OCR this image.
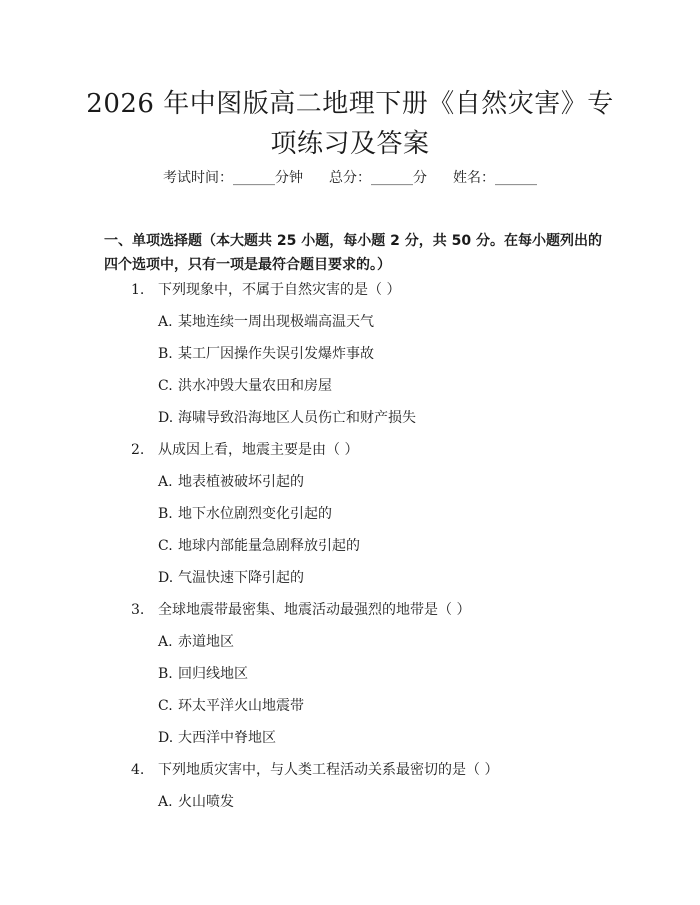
2026 年中图版高二地理下册《自然灾害》专
项练习及答案
考试时间：______分钟 总分：______分 姓名：______
一、单项选择题（本大题共 25 小题，每小题 2 分，共 50 分。在每小题列出的四个选项中，只有一项是最符合题目要求的。）
1. 下列现象中，不属于自然灾害的是（ ）
A. 某地连续一周出现极端高温天气
B. 某工厂因操作失误引发爆炸事故
C. 洪水冲毁大量农田和房屋
D. 海啸导致沿海地区人员伤亡和财产损失
2. 从成因上看，地震主要是由（ ）
A. 地表植被破坏引起的
B. 地下水位剧烈变化引起的
C. 地球内部能量急剧释放引起的
D. 气温快速下降引起的
3. 全球地震带最密集、地震活动最强烈的地带是（ ）
A. 赤道地区
B. 回归线地区
C. 环太平洋火山地震带
D. 大西洋中脊地区
4. 下列地质灾害中，与人类工程活动关系最密切的是（ ）
A. 火山喷发
